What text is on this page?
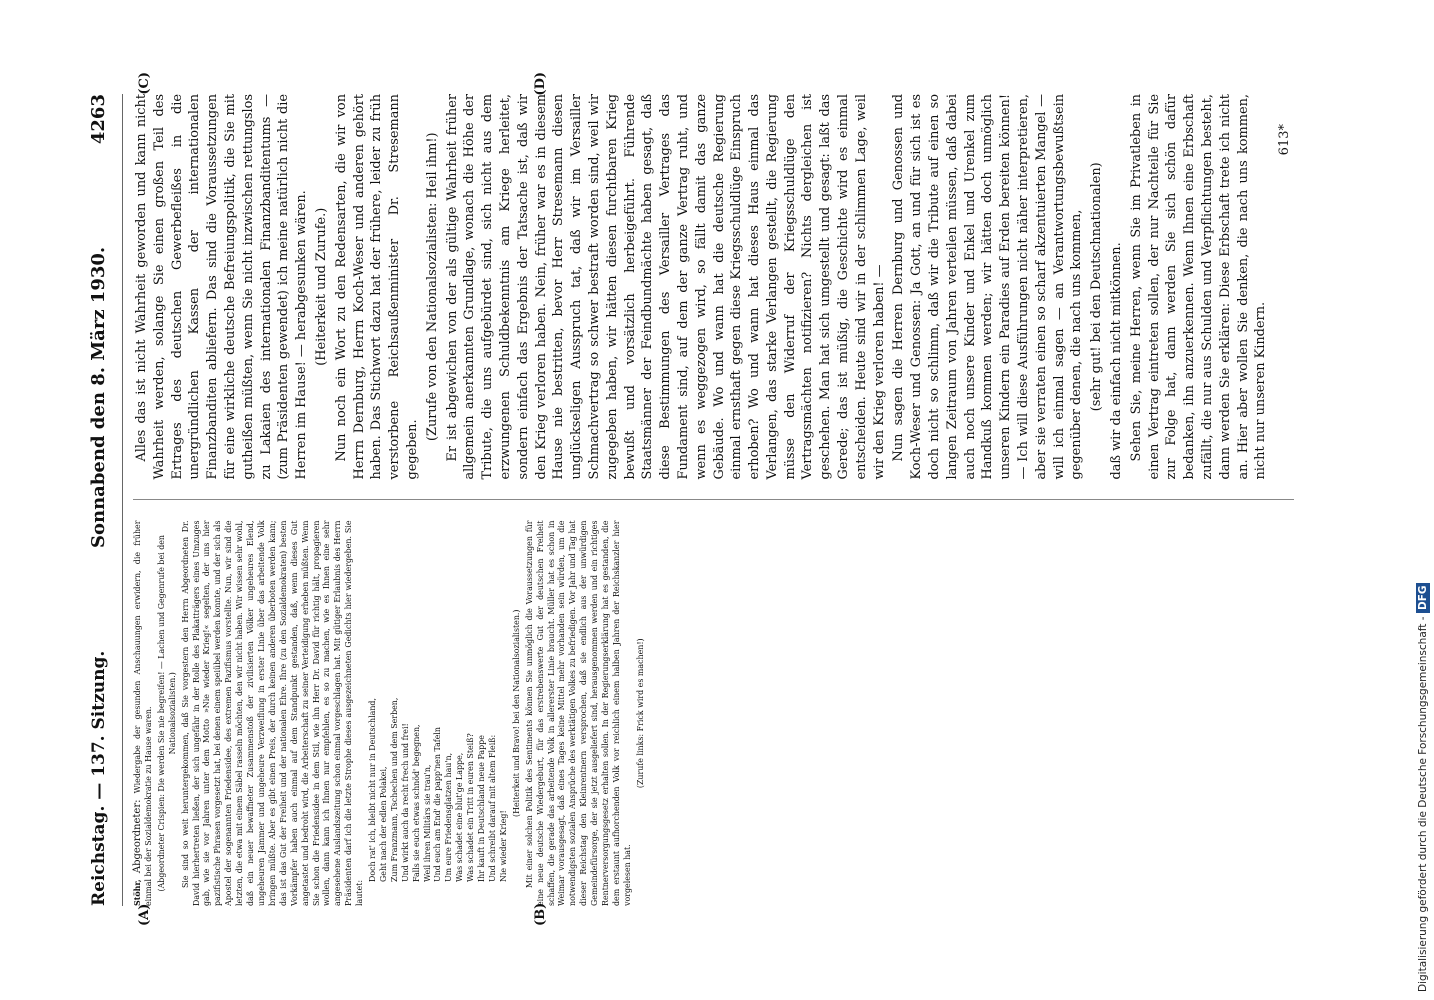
Reichstag. — 137. Sitzung.
Sonnabend den 8. März 1930.
4263

Stöhr, Abgeordneter: Wiedergabe der gesunden Anschauungen erwidern, die früher einmal bei der Sozialdemokratie zu Hause waren. (Abgeordneter Crispien: Die werden Sie nie begreifen! — Lachen und Gegenrufe bei den Nationalsozialisten.) Sie sind so weit heruntergekommen, daß Sie vorgestern den Herrn Abgeordneten Dr. David hierhertreten ließen, der sich ungefähr in der Rolle des Plakatträgers eines Umzuges gab, wie sie vor Jahren unter dem Motto »Nie wieder Krieg!« segelten, der uns hier pazifistische Phrasen vorgesetzt hat, bei denen einem speiübel werden konnte, und der sich als Apostel der sogenannten Friedensidee, des extremen Pazifismus vorstellte. Nun, wir sind die letzten, die etwa mit einem Säbel rasseln möchten, den wir nicht haben. Wir wissen sehr wohl, daß ein neuer bewaffneter Zusammenstoß der zivilisierten Völker ungeheures Elend, ungeheuren Jammer und ungeheure Verzweiflung in erster Linie über das arbeitende Volk bringen müßte. Aber es gibt einen Preis, der durch keinen anderen überboten werden kann; das ist das Gut der Freiheit und der nationalen Ehre. Ihre (zu den Sozialdemokraten) besten Vorkämpfer haben auch einmal auf dem Standpunkt gestanden, daß, wenn dieses Gut angetastet und bedroht wird, die Arbeiterschaft zu seiner Verteidigung erheben müßten. Wenn Sie schon die Friedensidee in dem Stil, wie ihn Herr Dr. David für richtig hält, propagieren wollen, dann kann ich Ihnen nur empfehlen, es so zu machen, wie es Ihnen eine sehr angesehene Auslandszeitung schon einmal vorgeschlagen hat. Mit gütiger Erlaubnis des Herrn Präsidenten darf ich die letzte Strophe dieses ausgezeichneten Gedichts hier wiedergeben. Sie lautet:

Doch rat' ich, bleibt nicht nur in Deutschland, Geht nach der edlen Polakei, Zum Franzmann, Tschechen und dem Serben, Und wirkt auch da recht frech und frei! Falls sie euch etwas schnöd' begegnen, Weil ihren Militärs sie trau'n, Und euch am End' die papp'nen Tafeln Um eure Friedensglatzen hau'n, Was schadet eine blut'ge Lappe, Was schadet ein Tritt in euren Steiß? Ihr kauft in Deutschland neue Pappe Und schreibt darauf mit altem Fleiß: Nie wieder Krieg!

(Heiterkeit und Bravo! bei den Nationalsozialisten.) Mit einer solchen Politik des Sentiments können Sie unmöglich die Voraussetzungen für eine neue deutsche Wiedergeburt, für das erstrebenswerte Gut der deutschen Freiheit schaffen, die gerade das arbeitende Volk in allererster Linie braucht. Müller hat es schon in Weimar vorausgesagt, daß eines Tages keine Mittel mehr vorhanden sein würden, um die notwendigsten sozialen Ansprüche des werktätigen Volkes zu befriedigen. Vor Jahr und Tag hat dieser Reichstag den Kleinrentnern versprochen, daß sie endlich aus der unwürdigen Gemeindefürsorge, der sie jetzt ausgeliefert sind, herausgenommen werden und ein richtiges Rentnerversorgungsgesetz erhalten sollen. In der Regierungserklärung hat es gestanden, die dem erstaunt aufhorchenden Volk vor reichlich einem halben Jahren der Reichskanzler hier vorgelesen hat.

(Zurufe links: Frick wird es machen!)

Alles das ist nicht Wahrheit geworden und kann nicht Wahrheit werden, solange Sie einen großen Teil des Ertrages des deutschen Gewerbefleißes in die unergründlichen Kassen der internationalen Finanzbanditen abliefern. Das sind die Voraussetzungen für eine wirkliche deutsche Befreiungspolitik, die Sie mit gutheißen müßten, wenn Sie nicht inzwischen rettungslos zu Lakaien des internationalen Finanzbanditentums — (zum Präsidenten gewendet) ich meine natürlich nicht die Herren im Hause! — herabgesunken wären. (Heiterkeit und Zurufe.) Nun noch ein Wort zu den Redensarten, die wir von Herrn Dernburg, Herrn Koch-Weser und anderen gehört haben. Das Stichwort dazu hat der frühere, leider zu früh verstorbene Reichsaußenminister Dr. Stresemann gegeben.

(Zurufe von den Nationalsozialisten: Heil ihm!) Er ist abgewichen von der als gültige Wahrheit früher allgemein anerkannten Grundlage, wonach die Höhe der Tribute, die uns aufgebürdet sind, sich nicht aus dem erzwungenen Schuldbekenntnis am Kriege herleitet, sondern einfach das Ergebnis der Tatsache ist, daß wir den Krieg verloren haben. Nein, früher war es in diesem Hause nie bestritten, bevor Herr Stresemann diesen unglückseligen Ausspruch tat, daß wir im Versailler Schmachvertrag so schwer bestraft worden sind, weil wir zugegeben haben, wir hätten diesen furchtbaren Krieg bewußt und vorsätzlich herbeigeführt. Führende Staatsmänner der Feindbundmächte haben gesagt, daß diese Bestimmungen des Versailler Vertrages das Fundament sind, auf dem der ganze Vertrag ruht, und wenn es weggezogen wird, so fällt damit das ganze Gebäude. Wo und wann hat die deutsche Regierung einmal ernsthaft gegen diese Kriegsschuldlüge Einspruch erhoben? Wo und wann hat dieses Haus einmal das Verlangen, das starke Verlangen gestellt, die Regierung müsse den Widerruf der Kriegsschuldlüge den Vertragsmächten notifizieren? Nichts dergleichen ist geschehen. Man hat sich umgestellt und gesagt: laßt das Gerede; das ist müßig, die Geschichte wird es einmal entscheiden. Heute sind wir in der schlimmen Lage, weil wir den Krieg verloren haben! — Nun sagen die Herren Dernburg und Genossen und Koch-Weser und Genossen: Ja Gott, an und für sich ist es doch nicht so schlimm, daß wir die Tribute auf einen so langen Zeitraum von Jahren verteilen müssen, daß dabei auch noch unsere Kinder und Enkel und Urenkel zum Handkuß kommen werden; wir hätten doch unmöglich unseren Kindern ein Paradies auf Erden bereiten können! — Ich will diese Ausführungen nicht näher interpretieren, aber sie verraten einen so scharf akzentuierten Mangel — will ich einmal sagen — an Verantwortungsbewußtsein gegenüber denen, die nach uns kommen, (sehr gut! bei den Deutschnationalen) daß wir da einfach nicht mitkönnen. Sehen Sie, meine Herren, wenn Sie im Privatleben in einen Vertrag eintreten sollen, der nur Nachteile für Sie zur Folge hat, dann werden Sie sich schön dafür bedanken, ihn anzuerkennen. Wenn Ihnen eine Erbschaft zufällt, die nur aus Schulden und Verpflichtungen besteht, dann werden Sie erklären: Diese Erbschaft trete ich nicht an. Hier aber wollen Sie denken, die nach uns kommen, nicht nur unseren Kindern.

613*
(A)	(B)
(C)	(D)
Digitalisierung gefördert durch die Deutsche Forschungsgemeinschaft - DFG
